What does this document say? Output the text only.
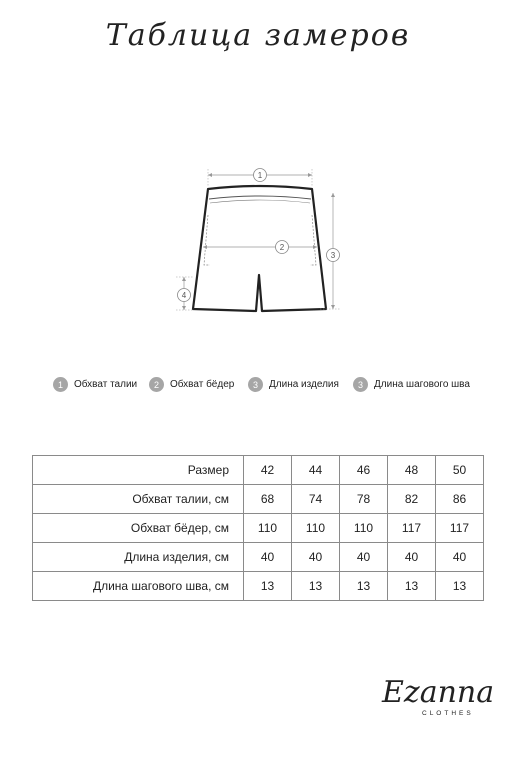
Таблица замеров
1
2
3
4
1	Обхват талии	2	Обхват бёдер	3	Длина изделия	3	Длина шагового шва
Размер	42	44	46	48	50
Обхват талии, см	68	74	78	82	86
Обхват бёдер, см	110	110	110	117	117
Длина изделия, см	40	40	40	40	40
Длина шагового шва, см	13	13	13	13	13
Ezanna
CLOTHES
